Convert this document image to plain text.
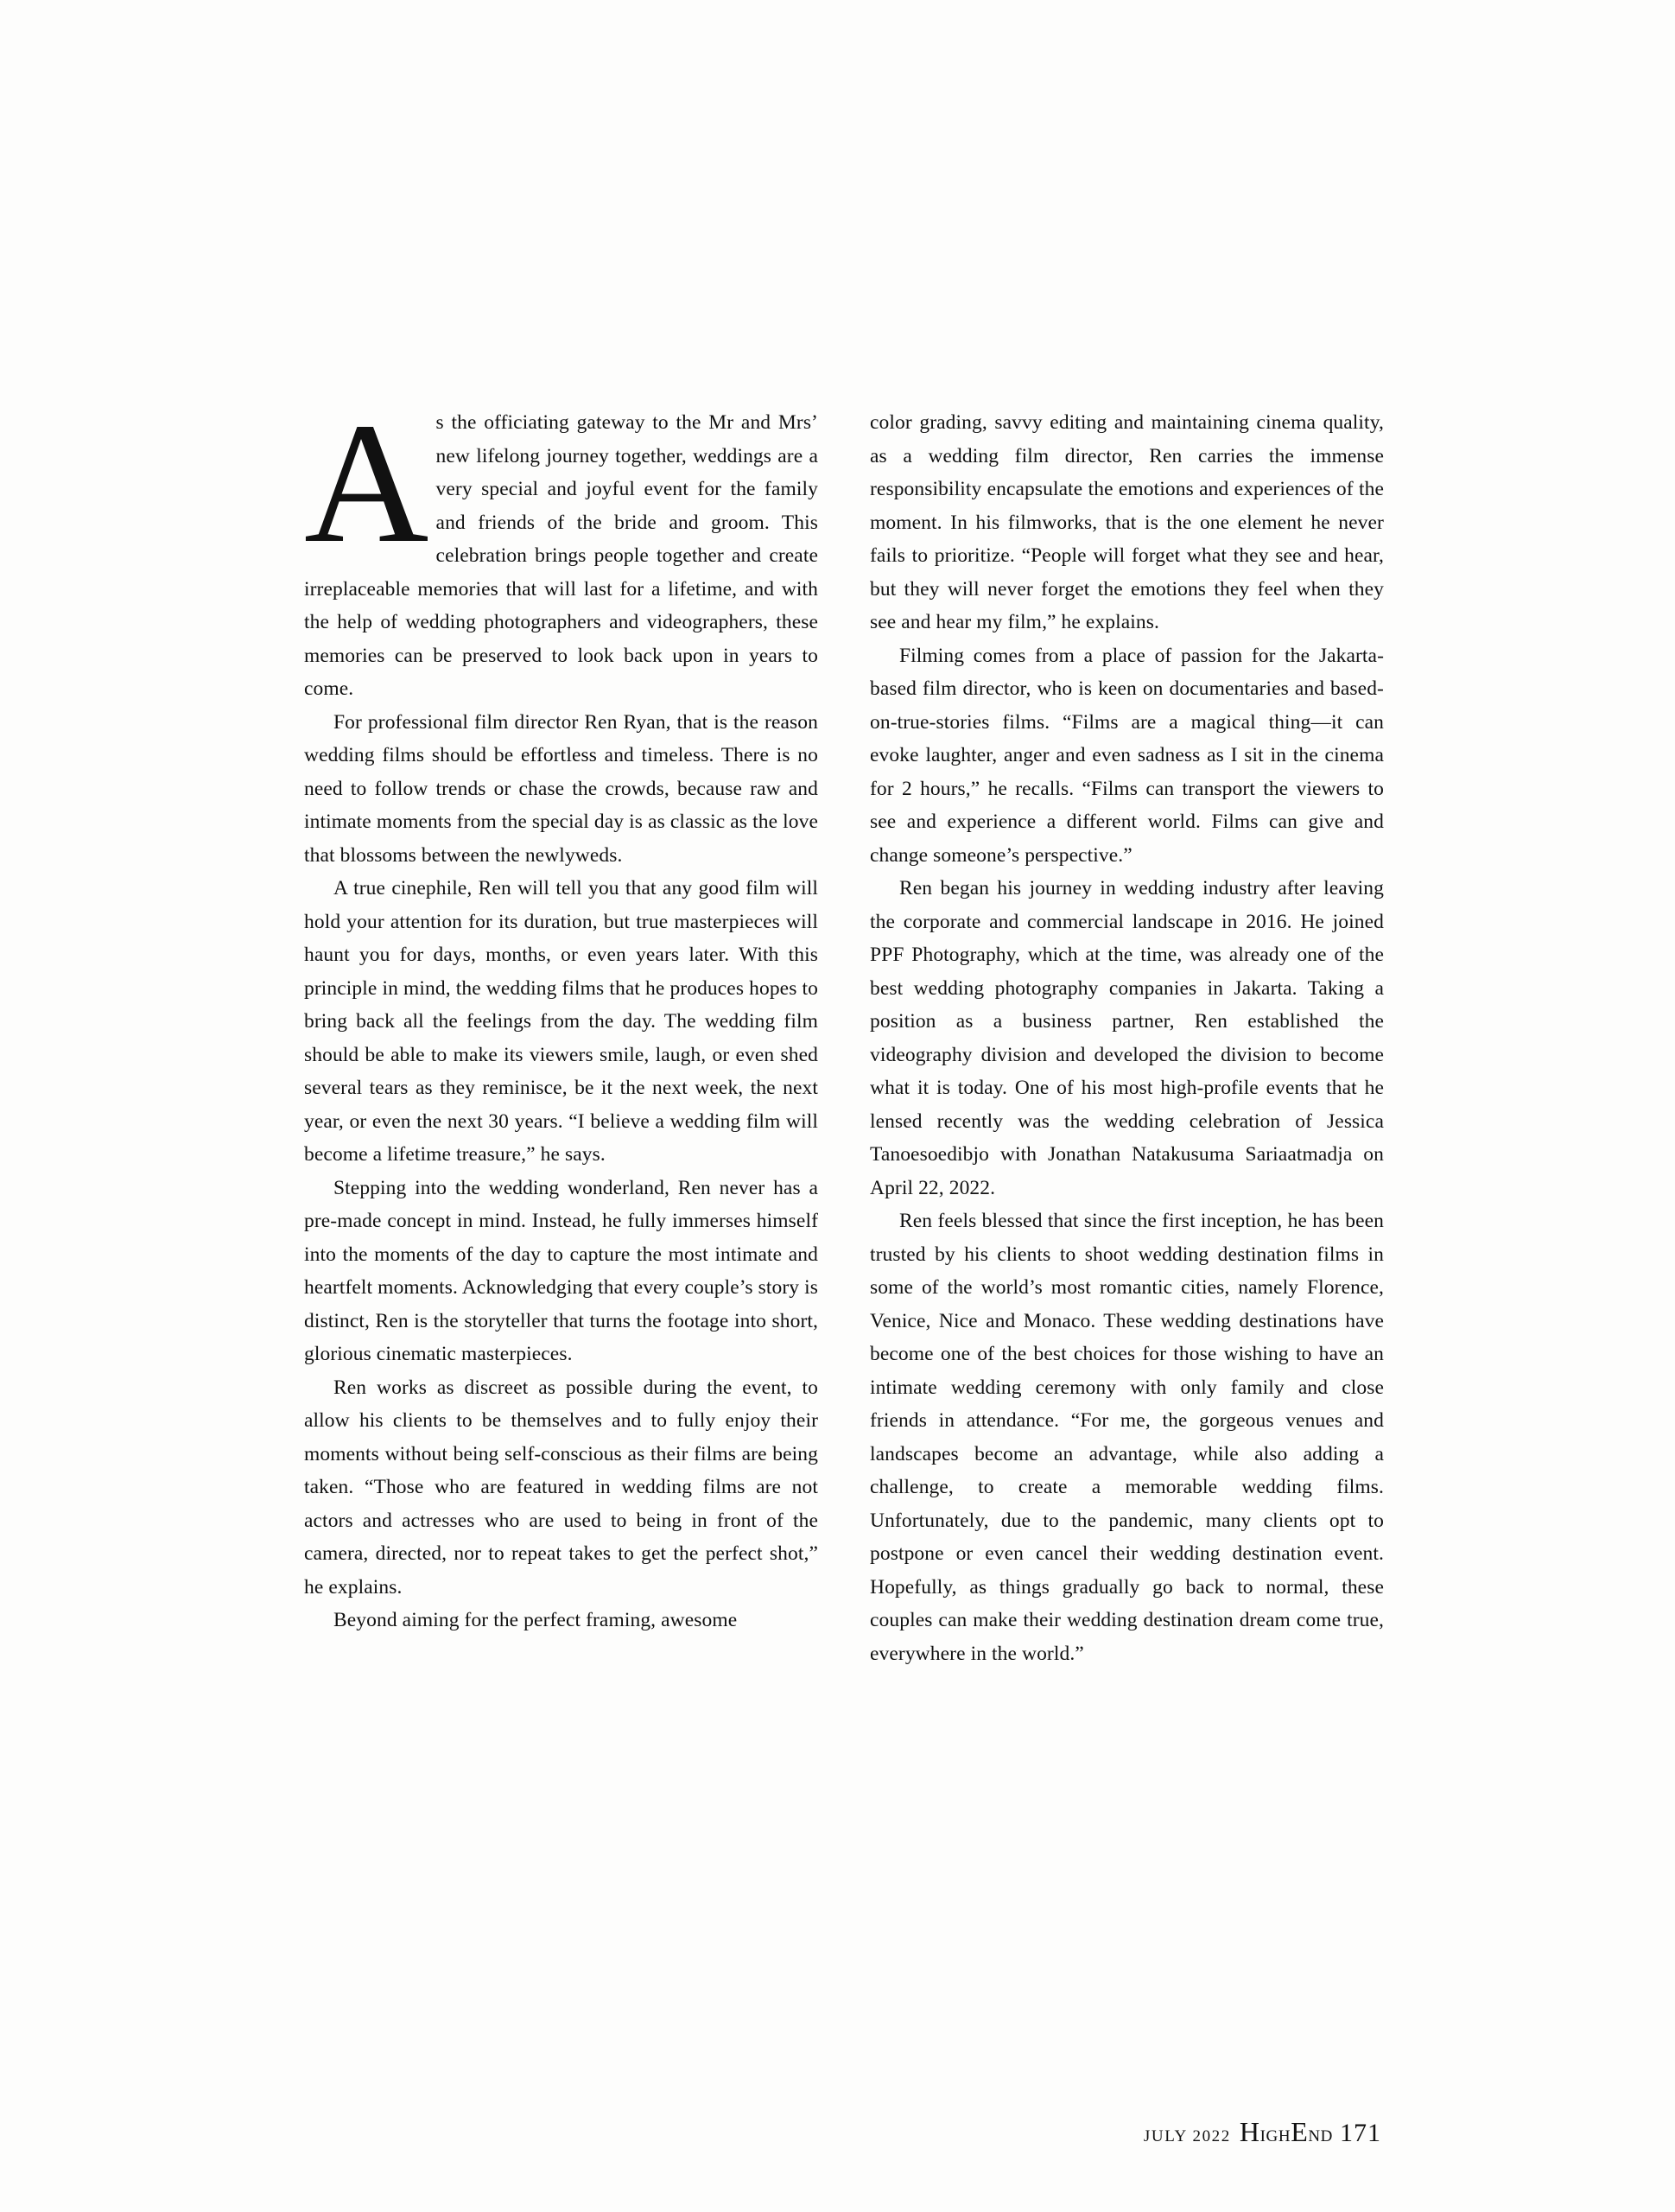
As the officiating gateway to the Mr and Mrs’ new lifelong journey together, weddings are a very special and joyful event for the family and friends of the bride and groom. This celebration brings people together and create irreplaceable memories that will last for a lifetime, and with the help of wedding photographers and videographers, these memories can be preserved to look back upon in years to come.

For professional film director Ren Ryan, that is the reason wedding films should be effortless and timeless. There is no need to follow trends or chase the crowds, because raw and intimate moments from the special day is as classic as the love that blossoms between the newlyweds.

A true cinephile, Ren will tell you that any good film will hold your attention for its duration, but true masterpieces will haunt you for days, months, or even years later. With this principle in mind, the wedding films that he produces hopes to bring back all the feelings from the day. The wedding film should be able to make its viewers smile, laugh, or even shed several tears as they reminisce, be it the next week, the next year, or even the next 30 years. “I believe a wedding film will become a lifetime treasure,” he says.

Stepping into the wedding wonderland, Ren never has a pre-made concept in mind. Instead, he fully immerses himself into the moments of the day to capture the most intimate and heartfelt moments. Acknowledging that every couple’s story is distinct, Ren is the storyteller that turns the footage into short, glorious cinematic masterpieces.

Ren works as discreet as possible during the event, to allow his clients to be themselves and to fully enjoy their moments without being self-conscious as their films are being taken. “Those who are featured in wedding films are not actors and actresses who are used to being in front of the camera, directed, nor to repeat takes to get the perfect shot,” he explains.

Beyond aiming for the perfect framing, awesome

color grading, savvy editing and maintaining cinema quality, as a wedding film director, Ren carries the immense responsibility encapsulate the emotions and experiences of the moment. In his filmworks, that is the one element he never fails to prioritize. “People will forget what they see and hear, but they will never forget the emotions they feel when they see and hear my film,” he explains.

Filming comes from a place of passion for the Jakarta-based film director, who is keen on documentaries and based-on-true-stories films. “Films are a magical thing—it can evoke laughter, anger and even sadness as I sit in the cinema for 2 hours,” he recalls. “Films can transport the viewers to see and experience a different world. Films can give and change someone’s perspective.”

Ren began his journey in wedding industry after leaving the corporate and commercial landscape in 2016. He joined PPF Photography, which at the time, was already one of the best wedding photography companies in Jakarta. Taking a position as a business partner, Ren established the videography division and developed the division to become what it is today. One of his most high-profile events that he lensed recently was the wedding celebration of Jessica Tanoesoedibjo with Jonathan Natakusuma Sariaatmadja on April 22, 2022.

Ren feels blessed that since the first inception, he has been trusted by his clients to shoot wedding destination films in some of the world’s most romantic cities, namely Florence, Venice, Nice and Monaco. These wedding destinations have become one of the best choices for those wishing to have an intimate wedding ceremony with only family and close friends in attendance. “For me, the gorgeous venues and landscapes become an advantage, while also adding a challenge, to create a memorable wedding films. Unfortunately, due to the pandemic, many clients opt to postpone or even cancel their wedding destination event. Hopefully, as things gradually go back to normal, these couples can make their wedding destination dream come true, everywhere in the world.”

JULY 2022 HighEnd 171
